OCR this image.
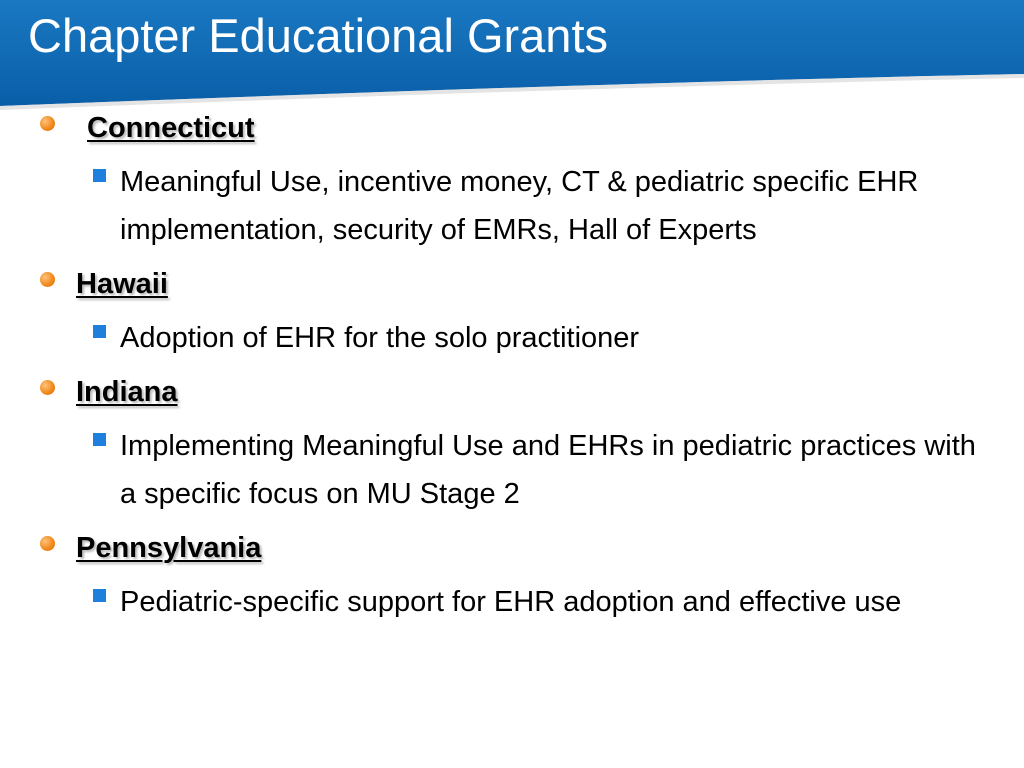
Chapter Educational Grants
Connecticut
Meaningful Use, incentive money, CT & pediatric specific EHR implementation, security of EMRs, Hall of Experts
Hawaii
Adoption of EHR for the solo practitioner
Indiana
Implementing Meaningful Use and EHRs in pediatric practices with a specific focus on MU Stage 2
Pennsylvania
Pediatric-specific support for EHR adoption and effective use
